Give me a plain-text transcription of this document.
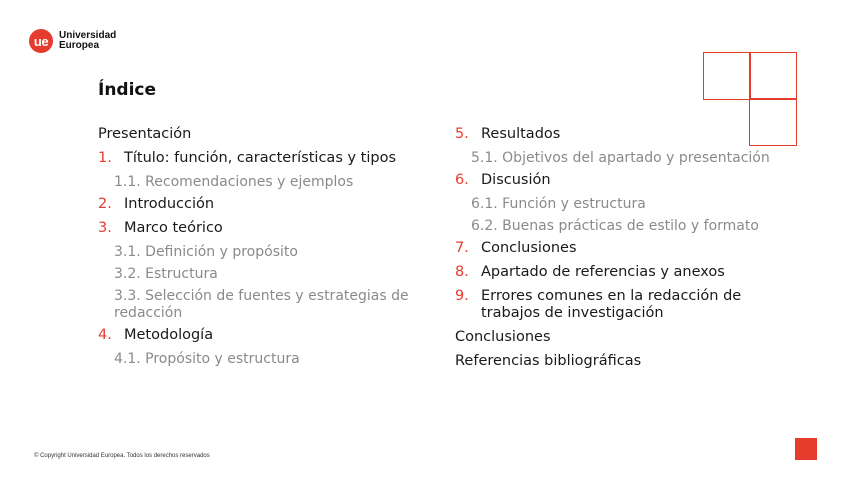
ue	Universidad
Europea
Índice
Presentación
1. Título: función, características y tipos
1.1. Recomendaciones y ejemplos
2. Introducción
3. Marco teórico
3.1. Definición y propósito
3.2. Estructura
3.3. Selección de fuentes y estrategias de redacción
4. Metodología
4.1. Propósito y estructura
5. Resultados
5.1. Objetivos del apartado y presentación
6. Discusión
6.1. Función y estructura
6.2. Buenas prácticas de estilo y formato
7. Conclusiones
8. Apartado de referencias y anexos
9. Errores comunes en la redacción de trabajos de investigación
Conclusiones
Referencias bibliográficas
© Copyright Universidad Europea. Todos los derechos reservados
